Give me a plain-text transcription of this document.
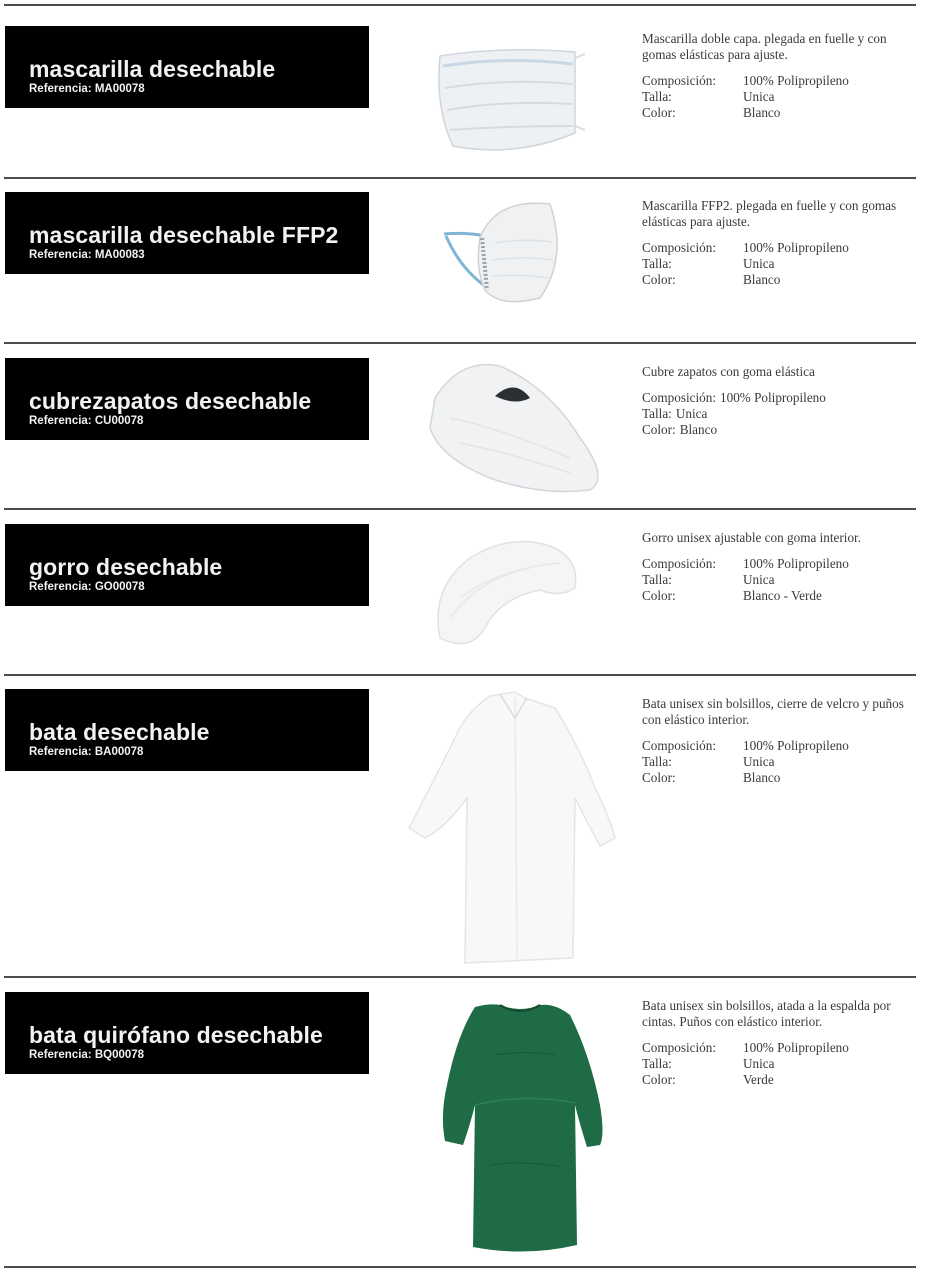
mascarilla desechable
Referencia: MA00078

Mascarilla doble capa. plegada en fuelle y con gomas elásticas para ajuste.

Composición:	100% Polipropileno
Talla:	Unica
Color:	Blanco
mascarilla desechable FFP2
Referencia: MA00083

Mascarilla FFP2. plegada en fuelle y con gomas elásticas para ajuste.

Composición:	100% Polipropileno
Talla:	Unica
Color:	Blanco
cubrezapatos desechable
Referencia: CU00078

Cubre zapatos con goma elástica

Composición: 100% Polipropileno
Talla: Unica
Color: Blanco
gorro desechable
Referencia: GO00078

Gorro unisex ajustable con goma interior.

Composición:	100% Polipropileno
Talla:	Unica
Color:	Blanco - Verde
bata desechable
Referencia: BA00078

Bata unisex sin bolsillos, cierre de velcro y puños con elástico interior.

Composición:	100% Polipropileno
Talla:	Unica
Color:	Blanco
bata quirófano desechable
Referencia: BQ00078

Bata unisex sin bolsillos, atada a la espalda por cintas. Puños con elástico interior.

Composición:	100% Polipropileno
Talla:	Unica
Color:	Verde
